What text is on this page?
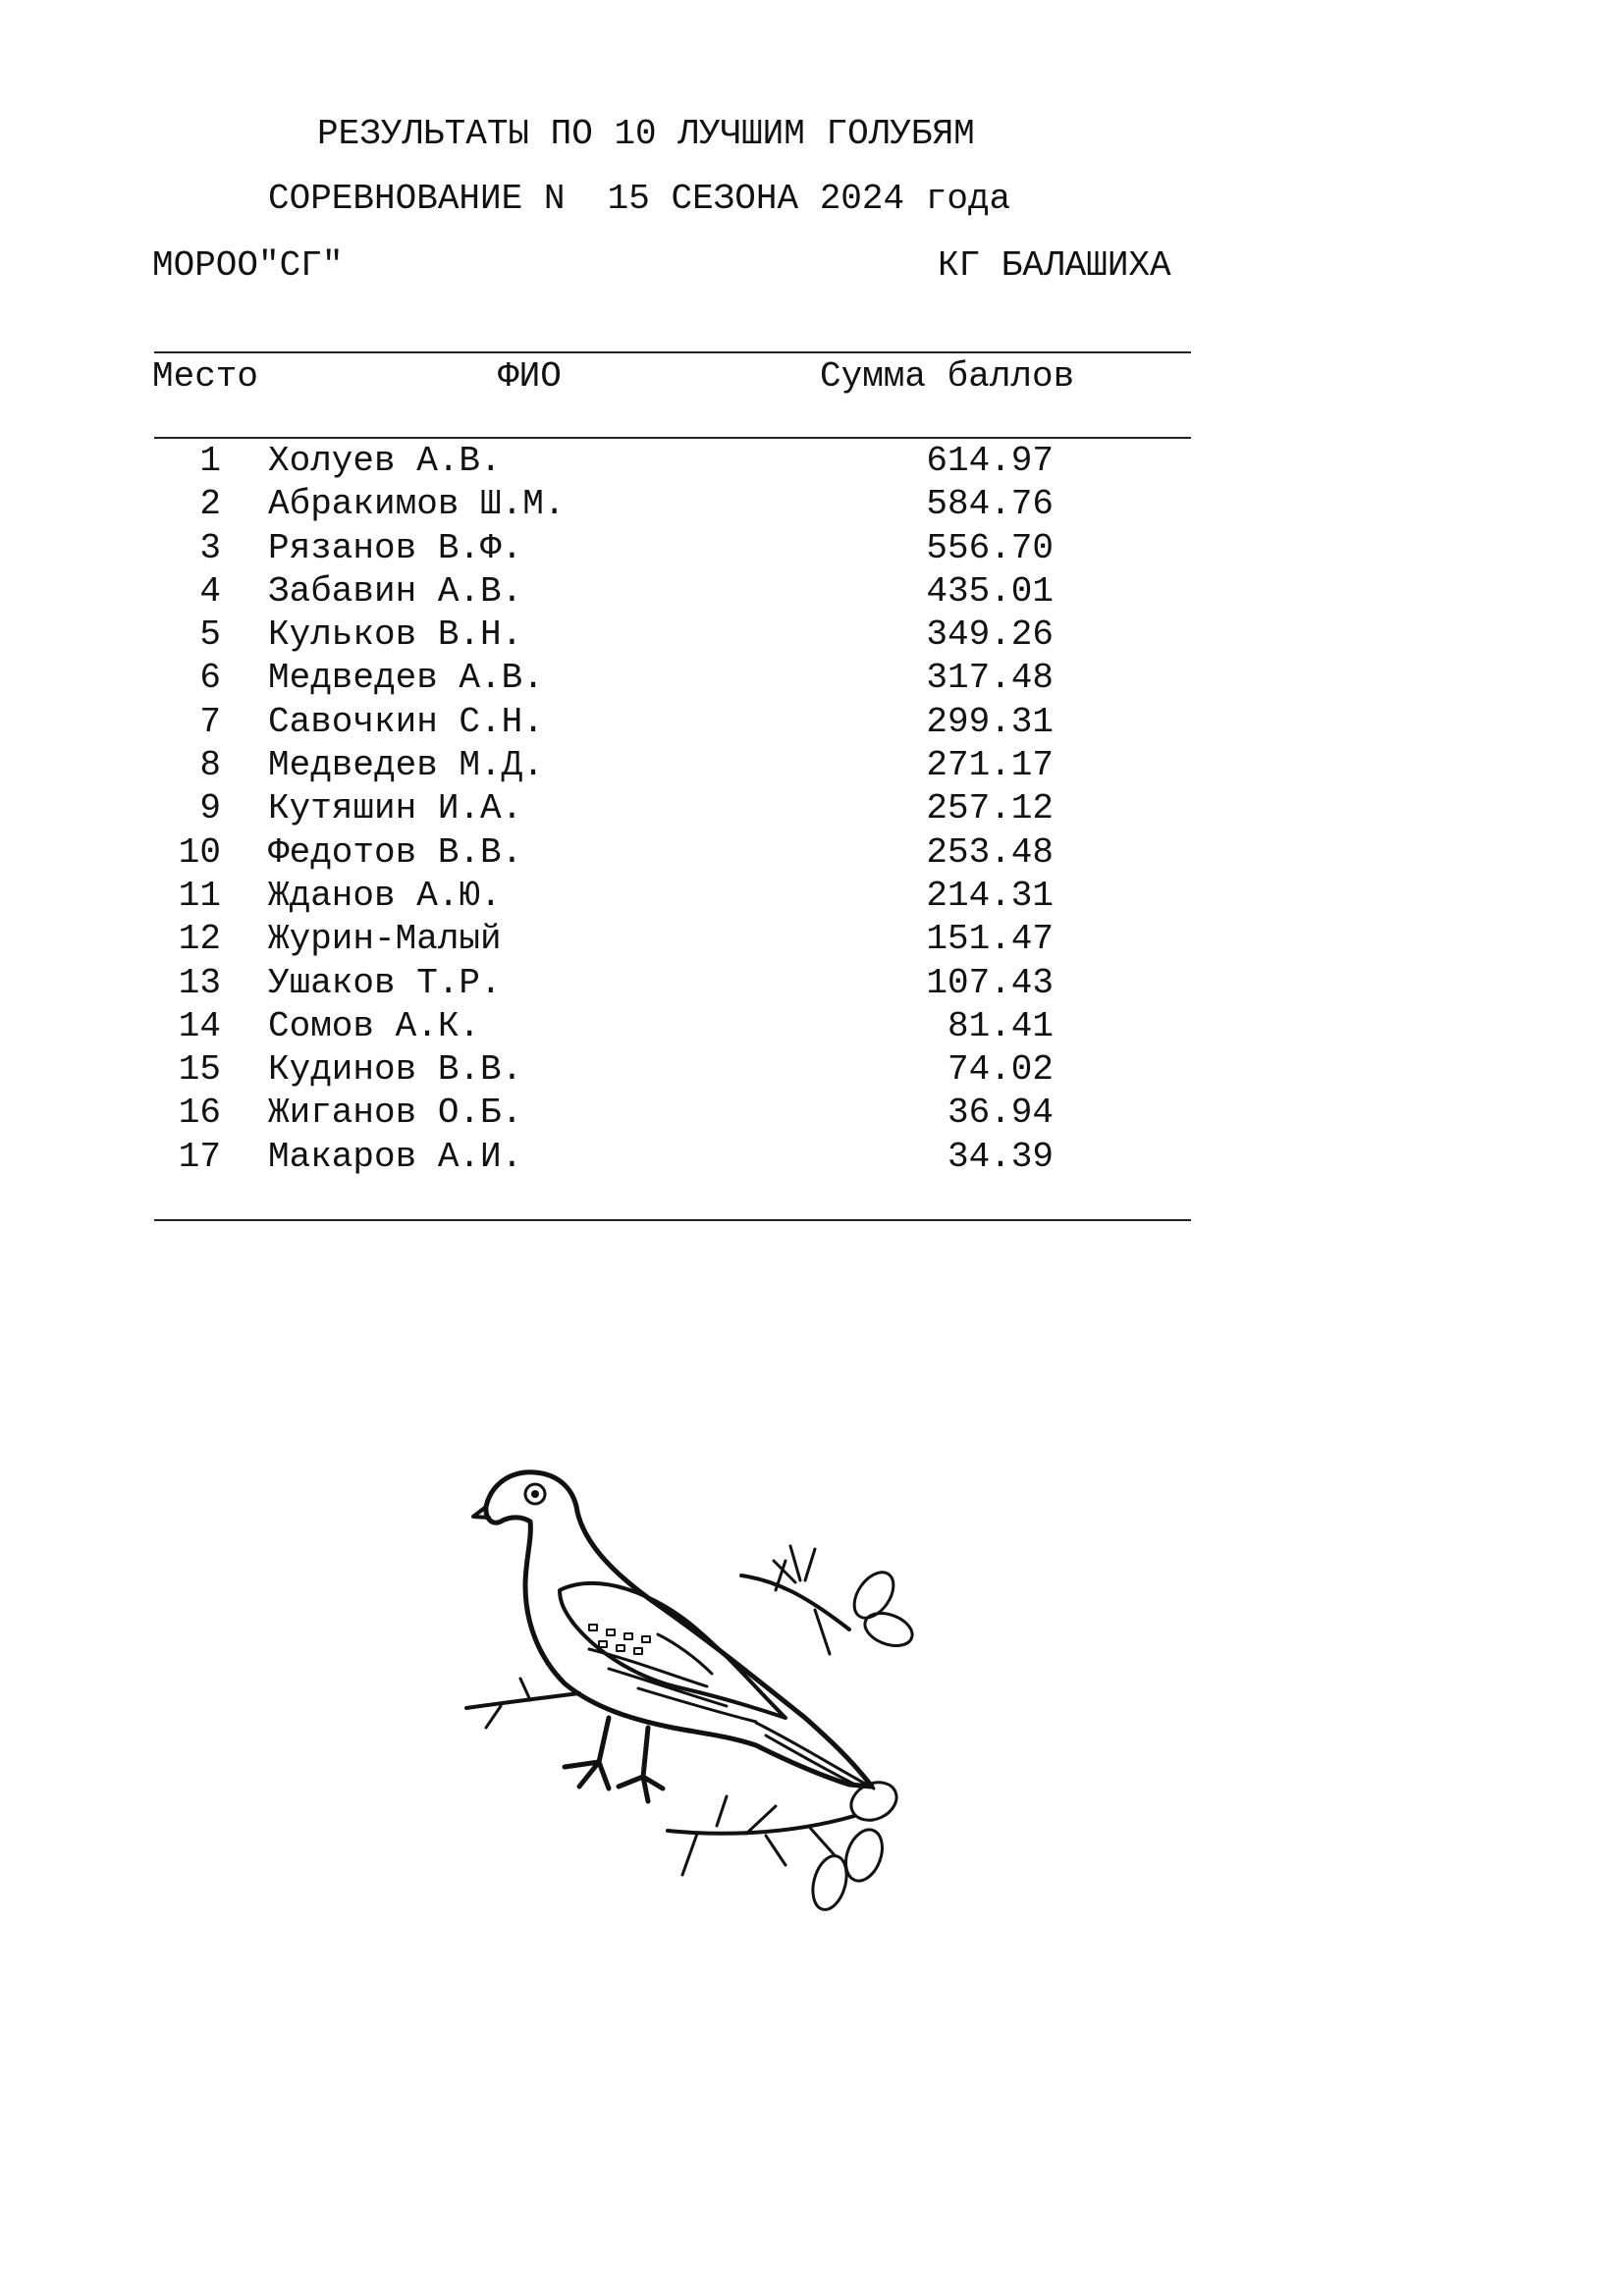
РЕЗУЛЬТАТЫ ПО 10 ЛУЧШИМ ГОЛУБЯМ
СОРЕВНОВАНИЕ N  15 СЕЗОНА 2024 года
МОРОО"СГ"	КГ БАЛАШИХА
Место	ФИО	Сумма баллов
1 Холуев А.В.	614.97
2 Абракимов Ш.М.	584.76
3 Рязанов В.Ф.	556.70
4 Забавин А.В.	435.01
5 Кульков В.Н.	349.26
6 Медведев А.В.	317.48
7 Савочкин С.Н.	299.31
8 Медведев М.Д.	271.17
9 Кутяшин И.А.	257.12
10 Федотов В.В.	253.48
11 Жданов А.Ю.	214.31
12 Журин-Малый	151.47
13 Ушаков Т.Р.	107.43
14 Сомов А.К.	81.41
15 Кудинов В.В.	74.02
16 Жиганов О.Б.	36.94
17 Макаров А.И.	34.39
